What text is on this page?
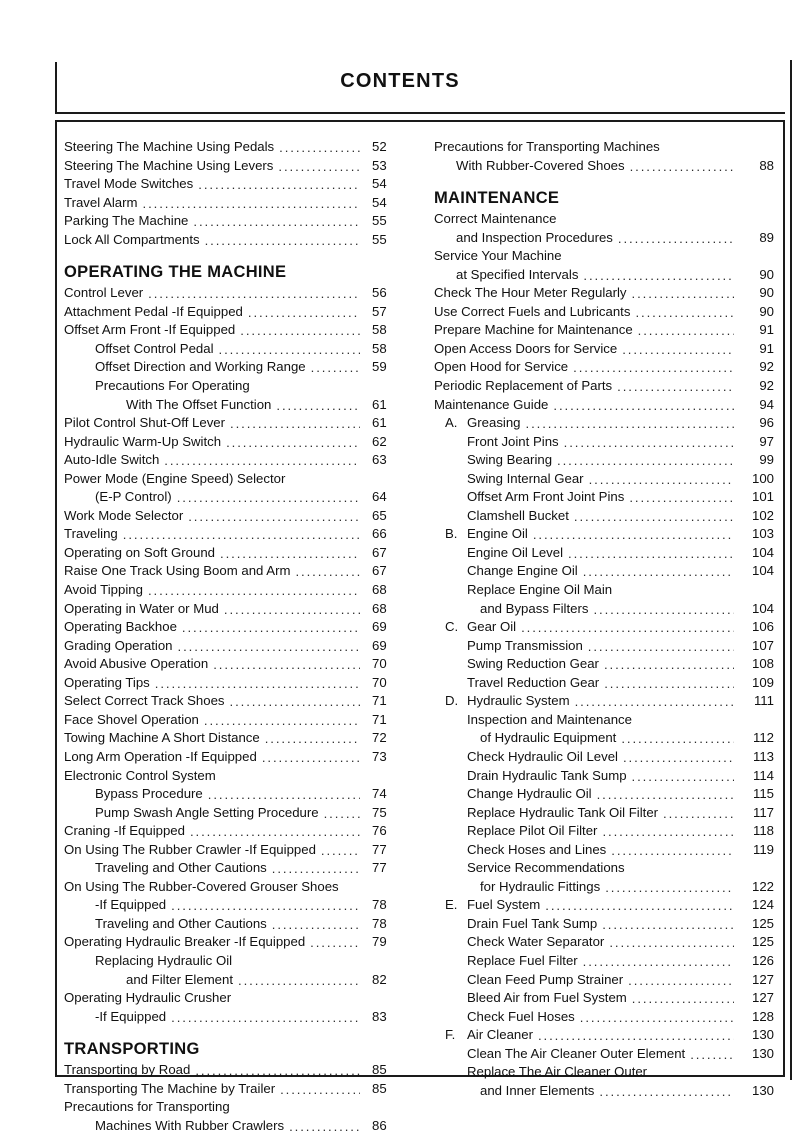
CONTENTS
Steering The Machine Using Pedals .....	52
Steering The Machine Using Levers .....	53
Travel Mode Switches .....	54
Travel Alarm .....	54
Parking The Machine .....	55
Lock All Compartments .....	55
OPERATING THE MACHINE
Control Lever .....	56
Attachment Pedal -If Equipped .....	57
Offset Arm Front -If Equipped .....	58
Offset Control Pedal .....	58
Offset Direction and Working Range .....	59
Precautions For Operating
With The Offset Function .....	61
Pilot Control Shut-Off Lever .....	61
Hydraulic Warm-Up Switch .....	62
Auto-Idle Switch .....	63
Power Mode (Engine Speed) Selector
(E-P Control) .....	64
Work Mode Selector .....	65
Traveling .....	66
Operating on Soft Ground .....	67
Raise One Track Using Boom and Arm .....	67
Avoid Tipping .....	68
Operating in Water or Mud .....	68
Operating Backhoe .....	69
Grading Operation .....	69
Avoid Abusive Operation .....	70
Operating Tips .....	70
Select Correct Track Shoes .....	71
Face Shovel Operation .....	71
Towing Machine A Short Distance .....	72
Long Arm Operation -If Equipped .....	73
Electronic Control System
Bypass Procedure .....	74
Pump Swash Angle Setting Procedure .....	75
Craning -If Equipped .....	76
On Using The Rubber Crawler -If Equipped .....	77
Traveling and Other Cautions .....	77
On Using The Rubber-Covered Grouser Shoes
-If Equipped .....	78
Traveling and Other Cautions .....	78
Operating Hydraulic Breaker -If Equipped .....	79
Replacing Hydraulic Oil
and Filter Element .....	82
Operating Hydraulic Crusher
-If Equipped .....	83
TRANSPORTING
Transporting by Road .....	85
Transporting The Machine by Trailer .....	85
Precautions for Transporting
Machines With Rubber Crawlers .....	86
Precautions for Transporting Machines
With Rubber-Covered Shoes .....	88
MAINTENANCE
Correct Maintenance
and Inspection Procedures .....	89
Service Your Machine
at Specified Intervals .....	90
Check The Hour Meter Regularly .....	90
Use Correct Fuels and Lubricants .....	90
Prepare Machine for Maintenance .....	91
Open Access Doors for Service .....	91
Open Hood for Service .....	92
Periodic Replacement of Parts .....	92
Maintenance Guide .....	94
A. Greasing .....	96
Front Joint Pins .....	97
Swing Bearing .....	99
Swing Internal Gear .....	100
Offset Arm Front Joint Pins .....	101
Clamshell Bucket .....	102
B. Engine Oil .....	103
Engine Oil Level .....	104
Change Engine Oil .....	104
Replace Engine Oil Main
and Bypass Filters .....	104
C. Gear Oil .....	106
Pump Transmission .....	107
Swing Reduction Gear .....	108
Travel Reduction Gear .....	109
D. Hydraulic System .....	111
Inspection and Maintenance
of Hydraulic Equipment .....	112
Check Hydraulic Oil Level .....	113
Drain Hydraulic Tank Sump .....	114
Change Hydraulic Oil .....	115
Replace Hydraulic Tank Oil Filter .....	117
Replace Pilot Oil Filter .....	118
Check Hoses and Lines .....	119
Service Recommendations
for Hydraulic Fittings .....	122
E. Fuel System .....	124
Drain Fuel Tank Sump .....	125
Check Water Separator .....	125
Replace Fuel Filter .....	126
Clean Feed Pump Strainer .....	127
Bleed Air from Fuel System .....	127
Check Fuel Hoses .....	128
F. Air Cleaner .....	130
Clean The Air Cleaner Outer Element .....	130
Replace The Air Cleaner Outer
and Inner Elements .....	130
